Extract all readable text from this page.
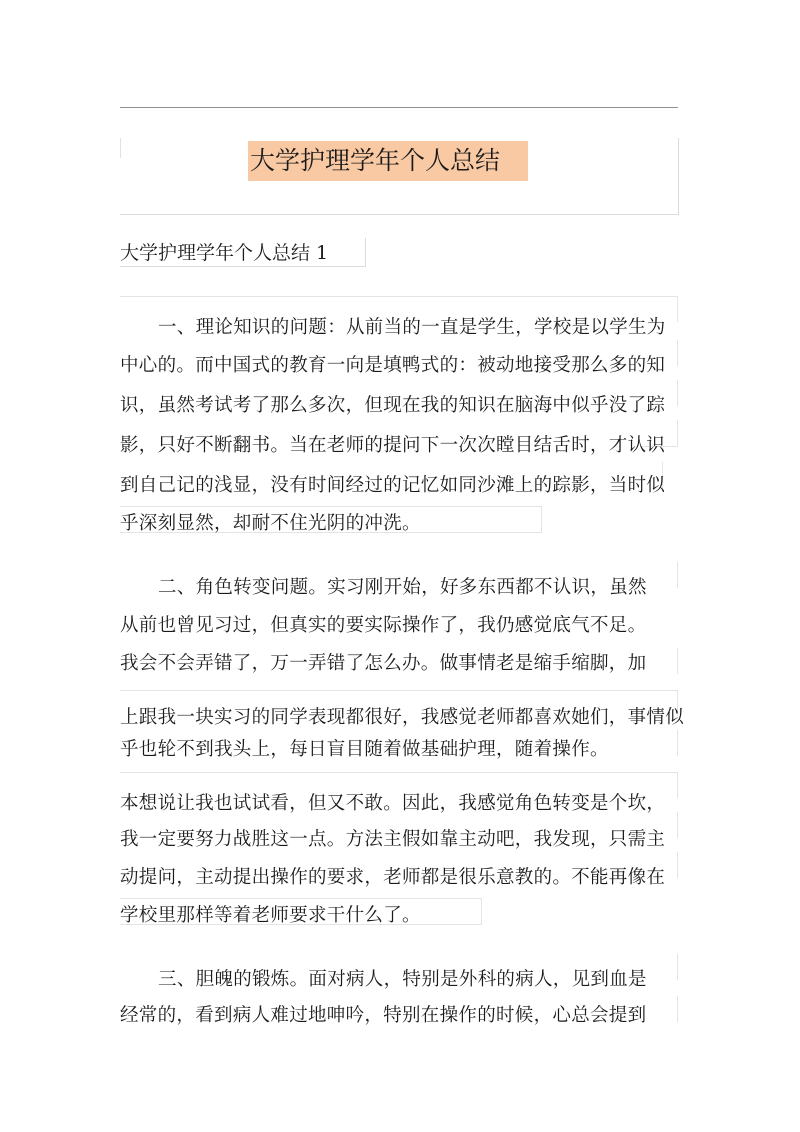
大学护理学年个人总结
大学护理学年个人总结 1
一、理论知识的问题：从前当的一直是学生，学校是以学生为
中心的。而中国式的教育一向是填鸭式的：被动地接受那么多的知
识，虽然考试考了那么多次，但现在我的知识在脑海中似乎没了踪
影，只好不断翻书。当在老师的提问下一次次瞠目结舌时，才认识
到自己记的浅显，没有时间经过的记忆如同沙滩上的踪影，当时似
乎深刻显然，却耐不住光阴的冲洗。
二、角色转变问题。实习刚开始，好多东西都不认识，虽然
从前也曾见习过，但真实的要实际操作了，我仍感觉底气不足。
我会不会弄错了，万一弄错了怎么办。做事情老是缩手缩脚，加
上跟我一块实习的同学表现都很好，我感觉老师都喜欢她们，事情似
乎也轮不到我头上，每日盲目随着做基础护理，随着操作。
本想说让我也试试看，但又不敢。因此，我感觉角色转变是个坎，
我一定要努力战胜这一点。方法主假如靠主动吧，我发现，只需主
动提问，主动提出操作的要求，老师都是很乐意教的。不能再像在
学校里那样等着老师要求干什么了。
三、胆魄的锻炼。面对病人，特别是外科的病人，见到血是
经常的，看到病人难过地呻吟，特别在操作的时候，心总会提到
